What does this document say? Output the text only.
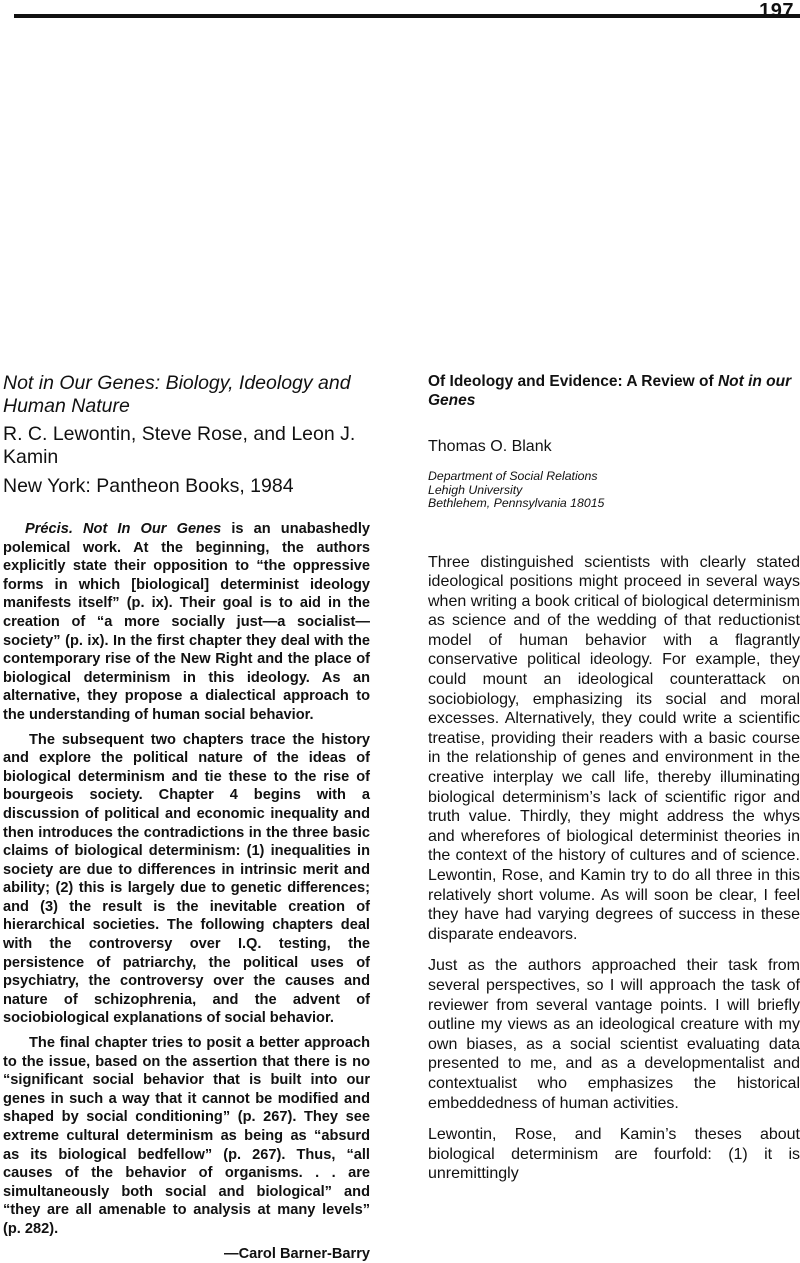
197
Not in Our Genes: Biology, Ideology and Human Nature
R. C. Lewontin, Steve Rose, and Leon J. Kamin
New York: Pantheon Books, 1984

Précis. Not In Our Genes is an unabashedly polemical work. At the beginning, the authors explicitly state their opposition to “the oppressive forms in which [biological] determinist ideology manifests itself” (p. ix). Their goal is to aid in the creation of “a more socially just—a socialist—society” (p. ix). In the first chapter they deal with the contemporary rise of the New Right and the place of biological determinism in this ideology. As an alternative, they propose a dialectical approach to the understanding of human social behavior.

The subsequent two chapters trace the history and explore the political nature of the ideas of biological determinism and tie these to the rise of bourgeois society. Chapter 4 begins with a discussion of political and economic inequality and then introduces the contradictions in the three basic claims of biological determinism: (1) inequalities in society are due to differences in intrinsic merit and ability; (2) this is largely due to genetic differences; and (3) the result is the inevitable creation of hierarchical societies. The following chapters deal with the controversy over I.Q. testing, the persistence of patriarchy, the political uses of psychiatry, the controversy over the causes and nature of schizophrenia, and the advent of sociobiological explanations of social behavior.

The final chapter tries to posit a better approach to the issue, based on the assertion that there is no “significant social behavior that is built into our genes in such a way that it cannot be modified and shaped by social conditioning” (p. 267). They see extreme cultural determinism as being as “absurd as its biological bedfellow” (p. 267). Thus, “all causes of the behavior of organisms. . . are simultaneously both social and biological” and “they are all amenable to analysis at many levels” (p. 282).

—Carol Barner-Barry
Of Ideology and Evidence: A Review of Not in our Genes
Thomas O. Blank
Department of Social Relations
Lehigh University
Bethlehem, Pennsylvania 18015

Three distinguished scientists with clearly stated ideological positions might proceed in several ways when writing a book critical of biological determinism as science and of the wedding of that reductionist model of human behavior with a flagrantly conservative political ideology. For example, they could mount an ideological counterattack on sociobiology, emphasizing its social and moral excesses. Alternatively, they could write a scientific treatise, providing their readers with a basic course in the relationship of genes and environment in the creative interplay we call life, thereby illuminating biological determinism’s lack of scientific rigor and truth value. Thirdly, they might address the whys and wherefores of biological determinist theories in the context of the history of cultures and of science. Lewontin, Rose, and Kamin try to do all three in this relatively short volume. As will soon be clear, I feel they have had varying degrees of success in these disparate endeavors.

Just as the authors approached their task from several perspectives, so I will approach the task of reviewer from several vantage points. I will briefly outline my views as an ideological creature with my own biases, as a social scientist evaluating data presented to me, and as a developmentalist and contextualist who emphasizes the historical embeddedness of human activities.

Lewontin, Rose, and Kamin’s theses about biological determinism are fourfold: (1) it is unremittingly
